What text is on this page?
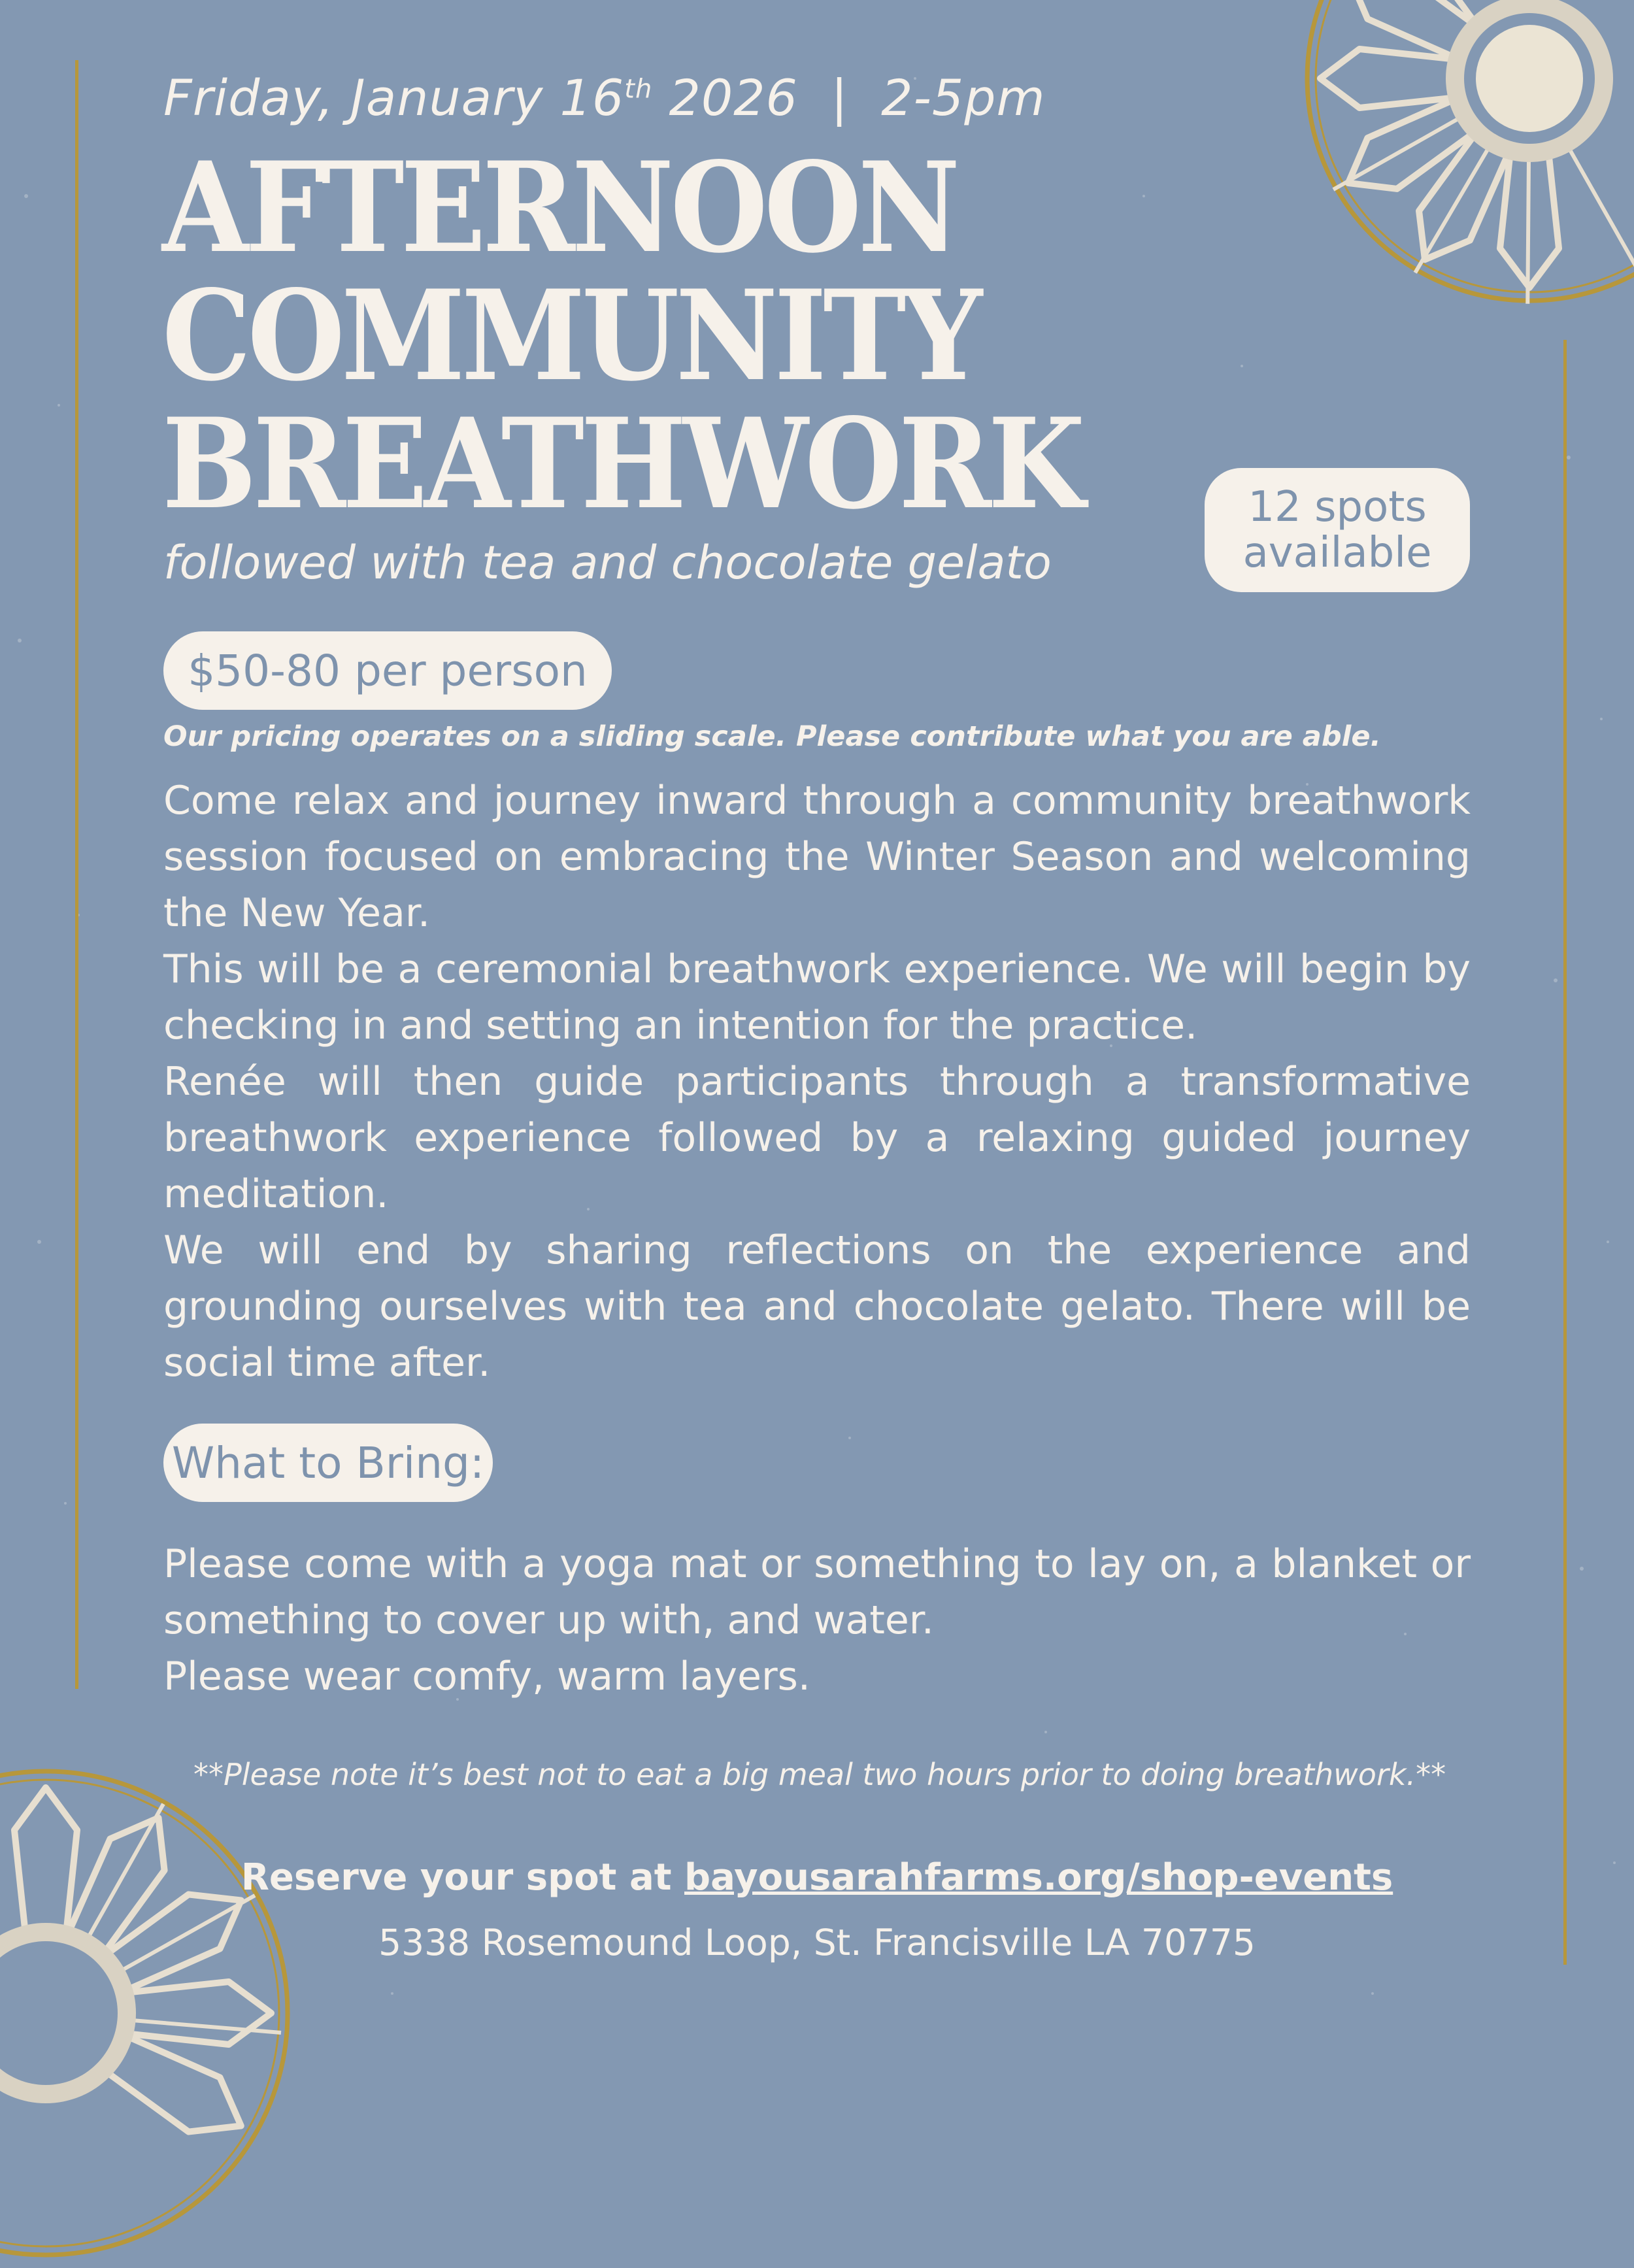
Friday, January 16th 2026  |  2-5pm
AFTERNOON
COMMUNITY
BREATHWORK
followed with tea and chocolate gelato
12 spots
available
$50-80 per person
Our pricing operates on a sliding scale. Please contribute what you are able.

Come relax and journey inward through a community breathwork session focused on embracing the Winter Season and welcoming the New Year.

This will be a ceremonial breathwork experience. We will begin by checking in and setting an intention for the practice.

Renée will then guide participants through a transformative breathwork experience followed by a relaxing guided journey meditation.

We will end by sharing reflections on the experience and grounding ourselves with tea and chocolate gelato. There will be social time after.

What to Bring:

Please come with a yoga mat or something to lay on, a blanket or something to cover up with, and water.

Please wear comfy, warm layers.

**Please note it’s best not to eat a big meal two hours prior to doing breathwork.**
Reserve your spot at bayousarahfarms.org/shop-events
5338 Rosemound Loop, St. Francisville LA 70775
